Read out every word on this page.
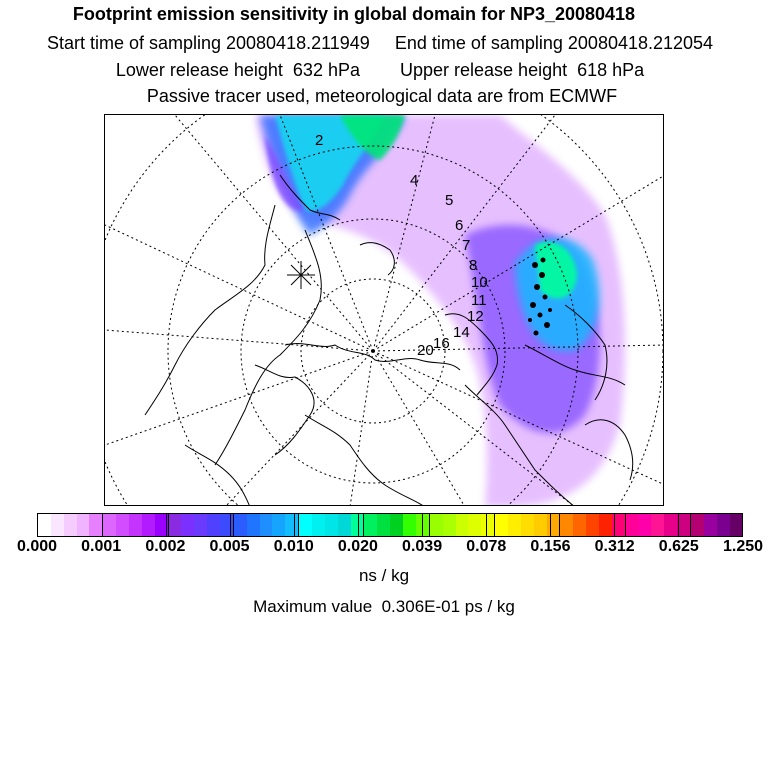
Footprint emission sensitivity in global domain for NP3_20080418
Start time of sampling 20080418.211949     End time of sampling 20080418.212054
Lower release height  632 hPa        Upper release height  618 hPa
Passive tracer used, meteorological data are from ECMWF
2
4
5
6
7
8
10
11
12
14
16
20
0.000 0.001 0.002 0.005 0.010 0.020 0.039 0.078 0.156 0.312 0.625 1.250
ns / kg
Maximum value  0.306E-01 ps / kg
